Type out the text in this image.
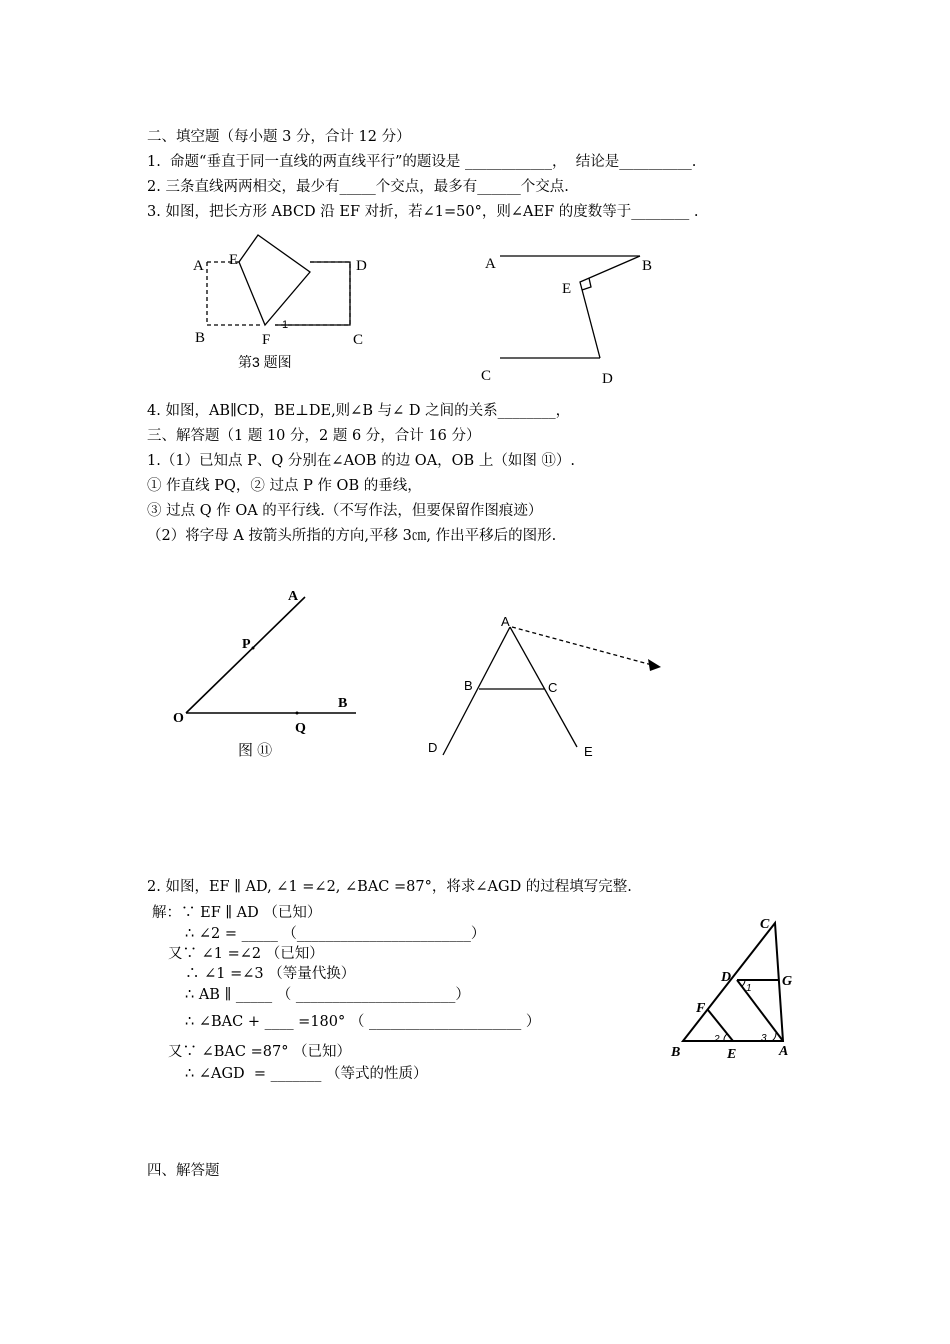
二、填空题（每小题 3 分，合计 12 分）
1.  命题“垂直于同一直线的两直线平行”的题设是 ____________，  结论是__________.
2. 三条直线两两相交，最少有_____个交点，最多有______个交点.
3. 如图，把长方形 ABCD 沿 EF 对折，若∠1=50°，则∠AEF 的度数等于________ .
4. 如图，AB∥CD，BE⊥DE,则∠B 与∠ D 之间的关系________，
三、解答题（1 题 10 分，2 题 6 分，合计 16 分）
1.（1）已知点 P、Q 分别在∠AOB 的边 OA，OB 上（如图 ⑪）.
① 作直线 PQ，② 过点 P 作 OB 的垂线，
③ 过点 Q 作 OA 的平行线.（不写作法，但要保留作图痕迹）
（2）将字母 A 按箭头所指的方向,平移 3㎝, 作出平移后的图形.
2. 如图，EF ∥ AD, ∠1 =∠2, ∠BAC =87°，将求∠AGD 的过程填写完整.
解：∵ EF ∥ AD （已知）
∴ ∠2 = _____ （________________________）
又∵ ∠1 =∠2 （已知）
∴ ∠1 =∠3 （等量代换）
∴ AB ∥ _____ （ ______________________）
∴ ∠BAC + ____ =180° （ _____________________ ）
又∵ ∠BAC =87° （已知）
∴ ∠AGD  = _______ （等式的性质）
四、解答题
A E	D
B	F	C
1
第3 题图
A	B
E
C	D
A
P
O
B
Q
图 ⑪
A
B	C
D	E
C
D	G
F
B	E	A
1
2	3
